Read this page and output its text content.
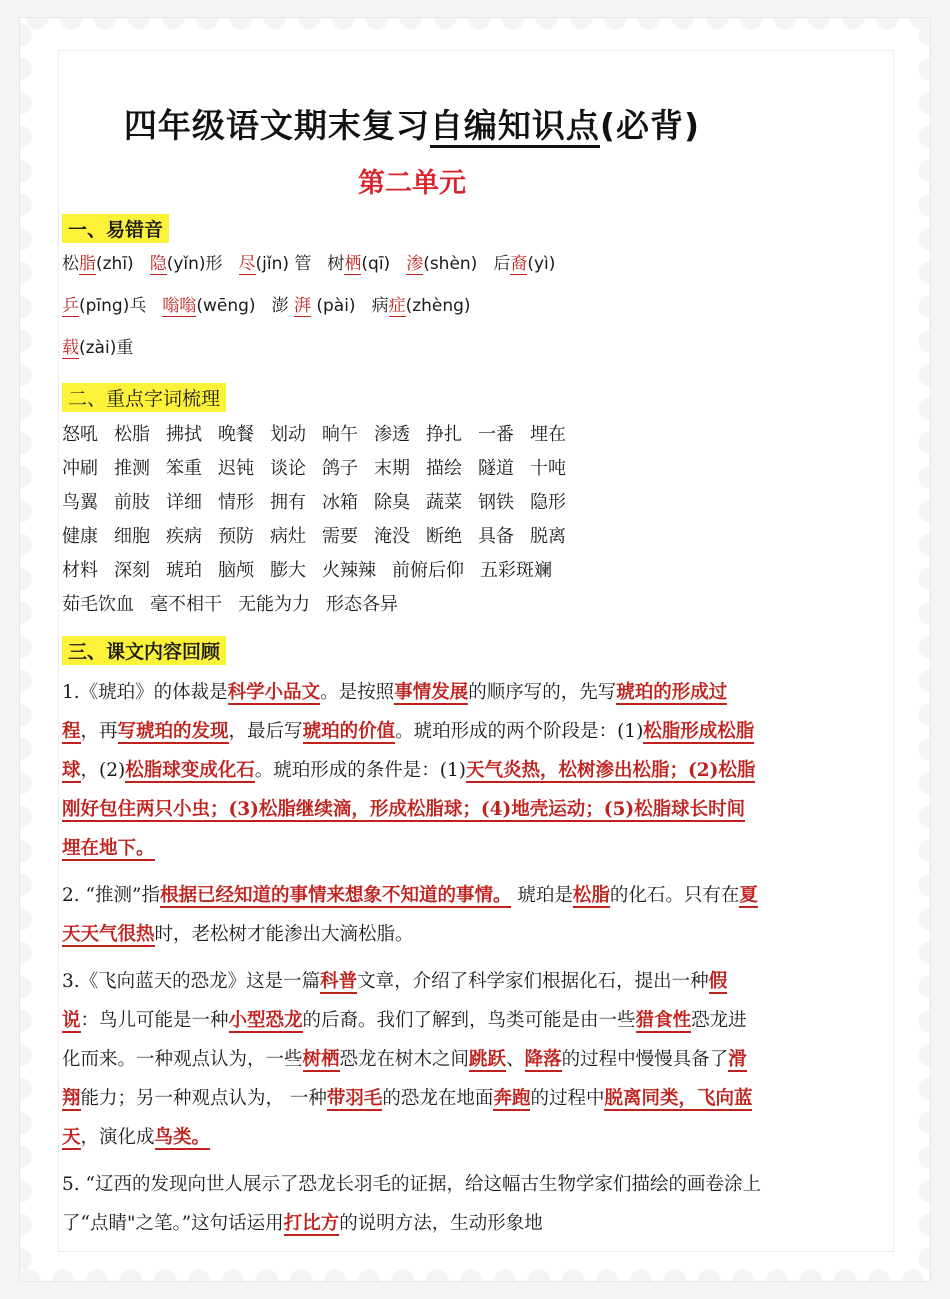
四年级语文期末复习自编知识点(必背)
第二单元
一、易错音

松脂(zhī) 隐(yǐn)形 尽(jǐn) 管 树栖(qī) 渗(shèn) 后裔(yì)

乒(pīng)乓 嗡嗡(wēng) 澎 湃 (pài) 病症(zhèng)

载(zài)重

二、重点字词梳理
怒吼 松脂 拂拭 晚餐 划动 晌午 渗透 挣扎 一番 埋在
冲刷 推测 笨重 迟钝 谈论 鸽子 末期 描绘 隧道 十吨
鸟翼 前肢 详细 情形 拥有 冰箱 除臭 蔬菜 钢铁 隐形
健康 细胞 疾病 预防 病灶 需要 淹没 断绝 具备 脱离
材料 深刻 琥珀 脑颅 膨大 火辣辣 前俯后仰 五彩斑斓
茹毛饮血 毫不相干 无能为力 形态各异
三、课文内容回顾

1.《琥珀》的体裁是科学小品文。是按照事情发展的顺序写的，先写琥珀的形成过程，再写琥珀的发现，最后写琥珀的价值。琥珀形成的两个阶段是：(1)松脂形成松脂球，(2)松脂球变成化石。琥珀形成的条件是：(1)天气炎热，松树渗出松脂；(2)松脂刚好包住两只小虫；(3)松脂继续滴，形成松脂球；(4)地壳运动；(5)松脂球长时间埋在地下。

2. “推测”指根据已经知道的事情来想象不知道的事情。 琥珀是松脂的化石。只有在夏天天气很热时，老松树才能渗出大滴松脂。

3.《飞向蓝天的恐龙》这是一篇科普文章，介绍了科学家们根据化石，提出一种假说：鸟儿可能是一种小型恐龙的后裔。我们了解到，鸟类可能是由一些猎食性恐龙进化而来。一种观点认为，一些树栖恐龙在树木之间跳跃、降落的过程中慢慢具备了滑翔能力；另一种观点认为， 一种带羽毛的恐龙在地面奔跑的过程中脱离同类，飞向蓝天，演化成鸟类。

5. “辽西的发现向世人展示了恐龙长羽毛的证据，给这幅古生物学家们描绘的画卷涂上了“点睛"之笔。”这句话运用打比方的说明方法，生动形象地
